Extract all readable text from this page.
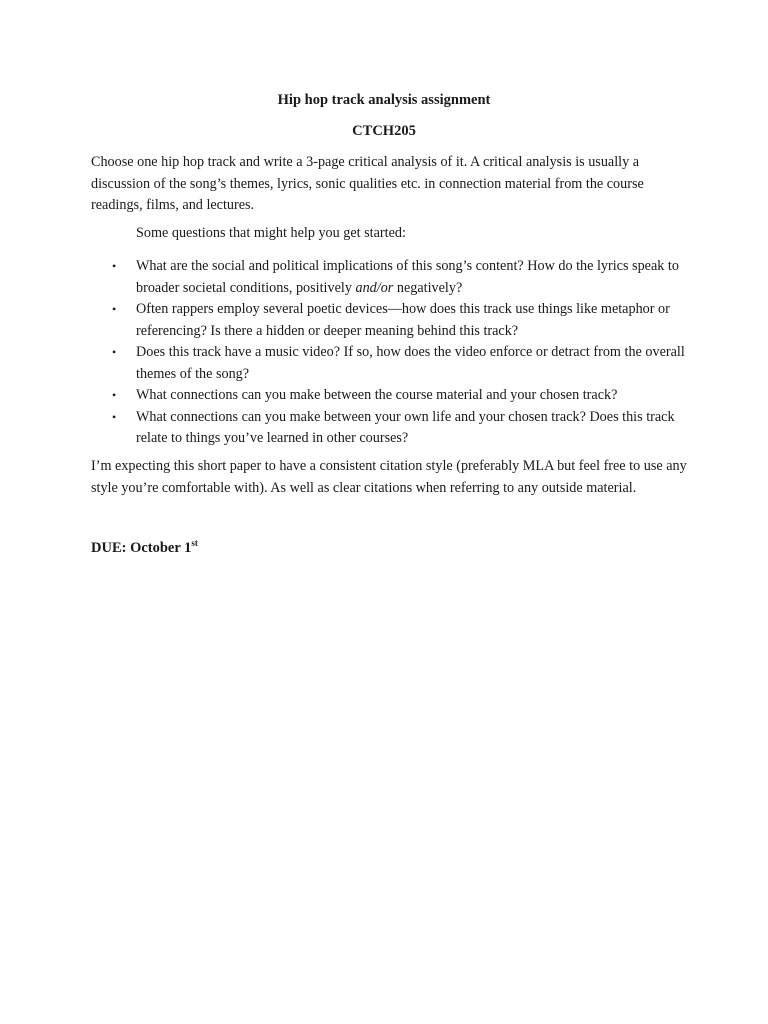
Hip hop track analysis assignment

CTCH205

Choose one hip hop track and write a 3-page critical analysis of it. A critical analysis is usually a discussion of the song’s themes, lyrics, sonic qualities etc. in connection material from the course readings, films, and lectures.

Some questions that might help you get started:

• What are the social and political implications of this song’s content? How do the lyrics speak to broader societal conditions, positively and/or negatively?
• Often rappers employ several poetic devices—how does this track use things like metaphor or referencing? Is there a hidden or deeper meaning behind this track?
• Does this track have a music video? If so, how does the video enforce or detract from the overall themes of the song?
• What connections can you make between the course material and your chosen track?
• What connections can you make between your own life and your chosen track? Does this track relate to things you’ve learned in other courses?

I’m expecting this short paper to have a consistent citation style (preferably MLA but feel free to use any style you’re comfortable with). As well as clear citations when referring to any outside material.

DUE: October 1st
